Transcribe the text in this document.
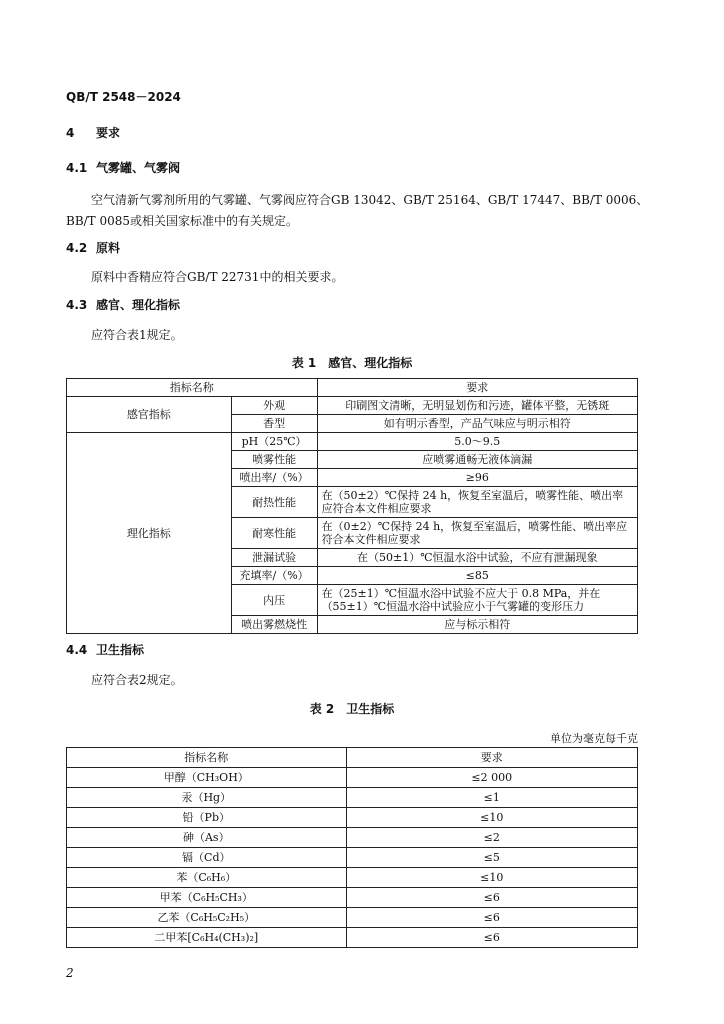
QB/T 2548－2024
4 要求
4.1 气雾罐、气雾阀
空气清新气雾剂所用的气雾罐、气雾阀应符合GB 13042、GB/T 25164、GB/T 17447、BB/T 0006、
BB/T 0085或相关国家标准中的有关规定。
4.2 原料
原料中香精应符合GB/T 22731中的相关要求。
4.3 感官、理化指标
应符合表1规定。
表 1　感官、理化指标
指标名称		要求
感官指标	外观	印刷图文清晰，无明显划伤和污迹，罐体平整，无锈斑
	香型	如有明示香型，产品气味应与明示相符
理化指标	pH（25℃）	5.0～9.5
	喷雾性能	应喷雾通畅无液体滴漏
	喷出率/（%）	≥96
	耐热性能	在（50±2）℃保持 24 h，恢复至室温后，喷雾性能、喷出率应符合本文件相应要求
	耐寒性能	在（0±2）℃保持 24 h，恢复至室温后，喷雾性能、喷出率应符合本文件相应要求
	泄漏试验	在（50±1）℃恒温水浴中试验，不应有泄漏现象
	充填率/（%）	≤85
	内压	在（25±1）℃恒温水浴中试验不应大于 0.8 MPa，并在（55±1）℃恒温水浴中试验应小于气雾罐的变形压力
	喷出雾燃烧性	应与标示相符
4.4 卫生指标
应符合表2规定。
表 2　卫生指标
单位为毫克每千克
指标名称	要求
甲醇（CH₃OH）	≤2 000
汞（Hg）	≤1
铅（Pb）	≤10
砷（As）	≤2
镉（Cd）	≤5
苯（C₆H₆）	≤10
甲苯（C₆H₅CH₃）	≤6
乙苯（C₆H₅C₂H₅）	≤6
二甲苯[C₆H₄(CH₃)₂]	≤6
2
